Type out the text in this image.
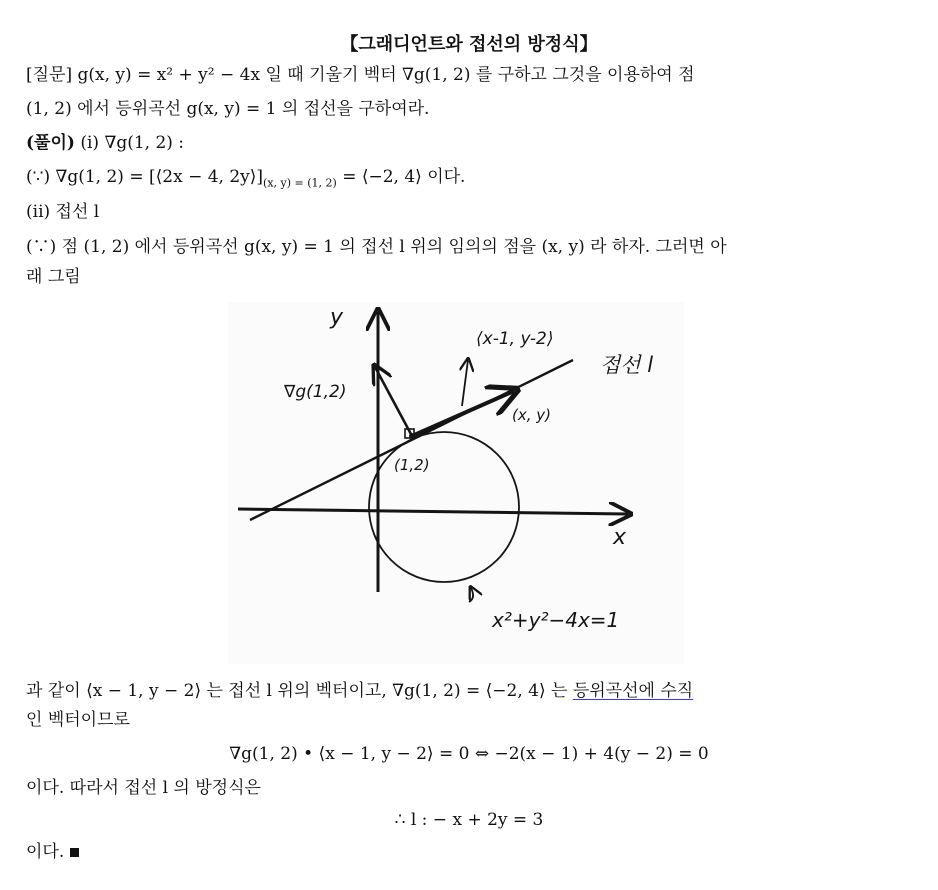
【그래디언트와 접선의 방정식】
[질문] g(x, y) = x² + y² − 4x 일 때 기울기 벡터 ∇g(1, 2) 를 구하고 그것을 이용하여 점
(1, 2) 에서 등위곡선 g(x, y) = 1 의 접선을 구하여라.
(풀이) (i) ∇g(1, 2) :
(∵) ∇g(1, 2) = [⟨2x − 4, $2y⟩]_{(x, y) = (1, 2)}$ = ⟨−2, 4⟩ 이다.
(ii) 접선 l
(∵) 점 (1, 2) 에서 등위곡선 g(x, y) = 1 의 접선 l 위의 임의의 점을 (x, y) 라 하자. 그러면 아
래 그림
y
x
∇g(1,2)
⟨x-1, y-2⟩
접선 l
(1,2)
(x, y)
x²+y²−4x=1
과 같이 ⟨x − 1, y − 2⟩ 는 접선 l 위의 벡터이고, ∇g(1, 2) = ⟨−2, 4⟩ 는 등위곡선에 수직
인 벡터이므로
∇g(1, 2) • ⟨x − 1, y − 2⟩ = 0 ⇔ −2(x − 1) + 4(y − 2) = 0
이다. 따라서 접선 l 의 방정식은
∴ l : − x + 2y = 3
이다.
